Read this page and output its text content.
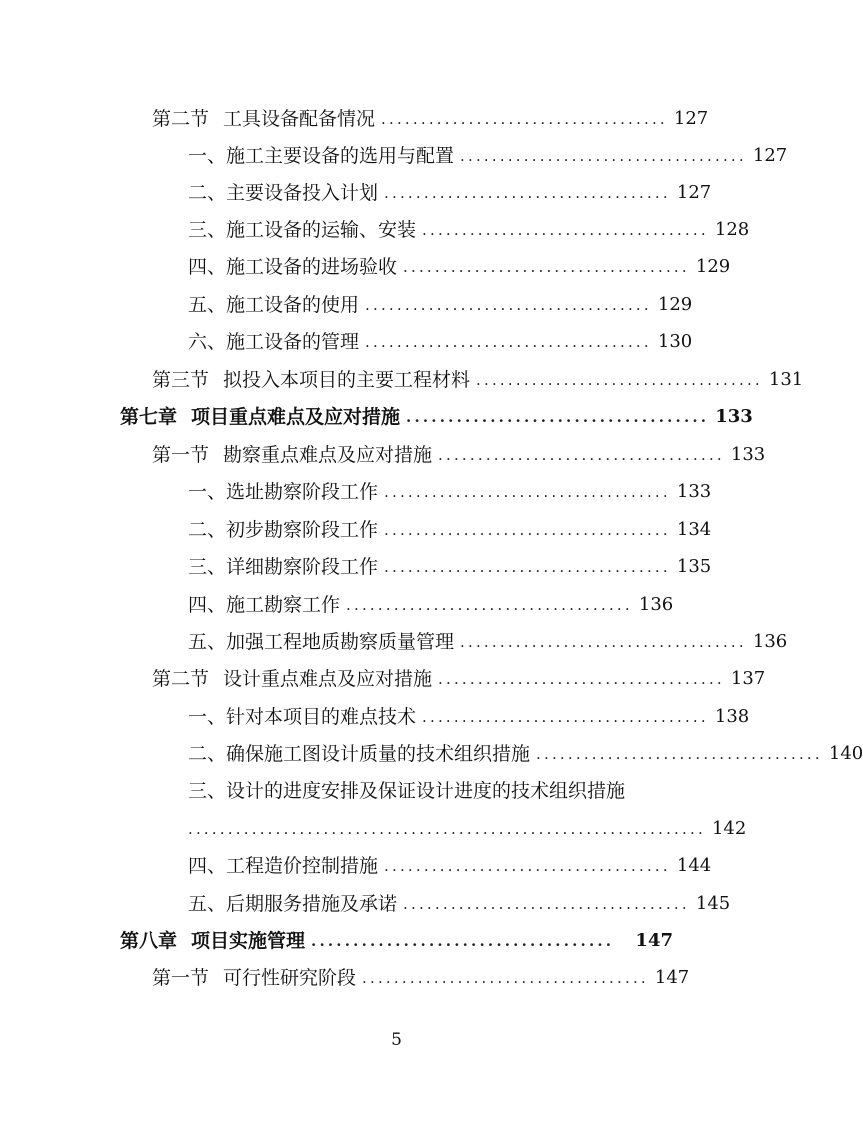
第二节 工具设备配备情况 .................................... 127
一、施工主要设备的选用与配置 .................................... 127
二、主要设备投入计划 .................................... 127
三、施工设备的运输、安装 .................................... 128
四、施工设备的进场验收 .................................... 129
五、施工设备的使用 .................................... 129
六、施工设备的管理 .................................... 130
第三节 拟投入本项目的主要工程材料 .................................... 131
第七章 项目重点难点及应对措施 .................................... 133
第一节 勘察重点难点及应对措施 .................................... 133
一、选址勘察阶段工作 .................................... 133
二、初步勘察阶段工作 .................................... 134
三、详细勘察阶段工作 .................................... 135
四、施工勘察工作 .................................... 136
五、加强工程地质勘察质量管理 .................................... 136
第二节 设计重点难点及应对措施 .................................... 137
一、针对本项目的难点技术 .................................... 138
二、确保施工图设计质量的技术组织措施 .................................... 140
三、设计的进度安排及保证设计进度的技术组织措施
................................................................. 142
四、工程造价控制措施 .................................... 144
五、后期服务措施及承诺 .................................... 145
第八章 项目实施管理 ....................................	147
第一节 可行性研究阶段 .................................... 147
5
